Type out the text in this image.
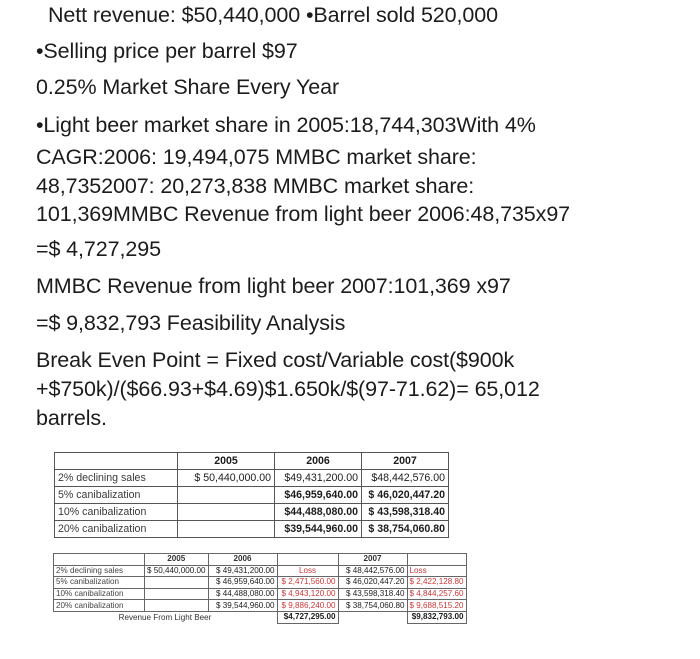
Nett revenue: $50,440,000 •Barrel sold 520,000
•Selling price per barrel $97
0.25% Market Share Every Year
•Light beer market share in 2005:18,744,303With 4%
CAGR:2006: 19,494,075 MMBC market share:
48,7352007: 20,273,838 MMBC market share:
101,369MMBC Revenue from light beer 2006:48,735x97
=$ 4,727,295
MMBC Revenue from light beer 2007:101,369 x97
=$ 9,832,793 Feasibility Analysis
Break Even Point = Fixed cost/Variable cost($900k
+$750k)/($66.93+$4.69)$1.650k/$(97-71.62)= 65,012
barrels.
	2005	2006	2007
2% declining sales	$ 50,440,000.00	$49,431,200.00	$48,442,576.00
5% canibalization		$46,959,640.00	$ 46,020,447.20
10% canibalization		$44,488,080.00	$ 43,598,318.40
20% canibalization		$39,544,960.00	$ 38,754,060.80
	2005	2006		2007	
2% declining sales	$ 50,440,000.00	$ 49,431,200.00	Loss	$ 48,442,576.00	Loss
5% canibalization		$ 46,959,640.00	$ 2,471,560.00	$ 46,020,447.20	$ 2,422,128.80
10% canibalization		$ 44,488,080.00	$ 4,943,120.00	$ 43,598,318.40	$ 4,844,257.60
20% canibalization		$ 39,544,960.00	$ 9,886,240.00	$ 38,754,060.80	$ 9,688,515.20
Revenue From Light Beer			$4,727,295.00		$9,832,793.00
